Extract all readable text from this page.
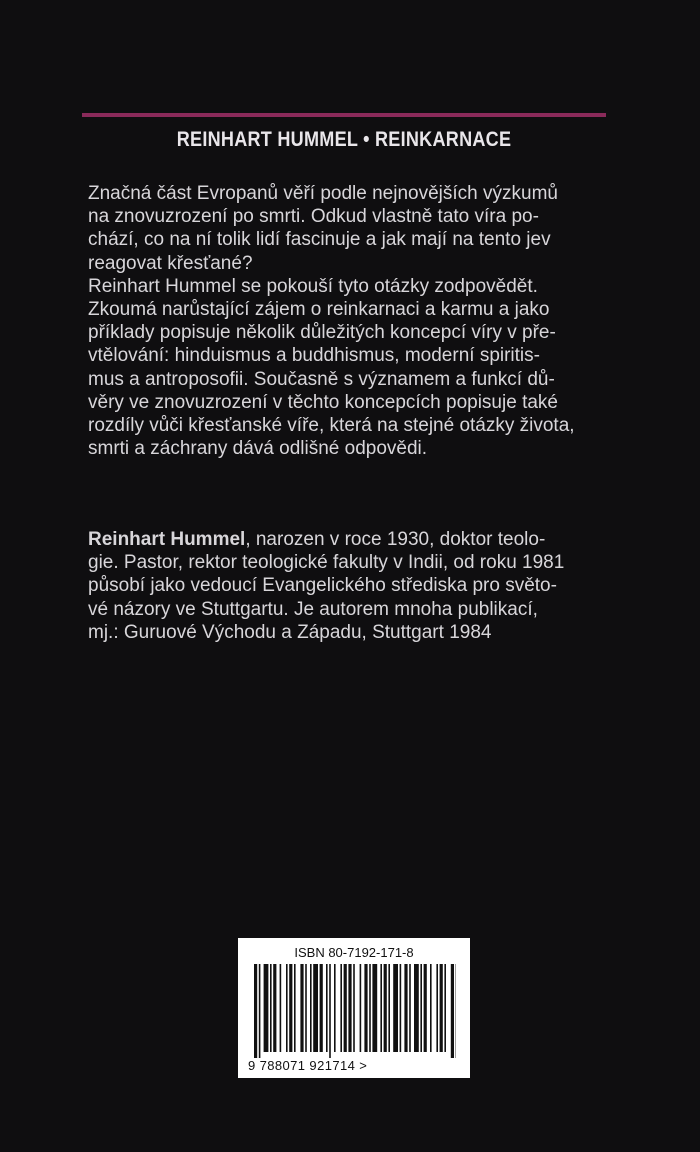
REINHART HUMMEL • REINKARNACE
Značná část Evropanů věří podle nejnovějších výzkumů
na znovuzrození po smrti. Odkud vlastně tato víra po-
chází, co na ní tolik lidí fascinuje a jak mají na tento jev
reagovat křesťané?
Reinhart Hummel se pokouší tyto otázky zodpovědět.
Zkoumá narůstající zájem o reinkarnaci a karmu a jako
příklady popisuje několik důležitých koncepcí víry v pře-
vtělování: hinduismus a buddhismus, moderní spiritis-
mus a antroposofii. Současně s významem a funkcí dů-
věry ve znovuzrození v těchto koncepcích popisuje také
rozdíly vůči křesťanské víře, která na stejné otázky života,
smrti a záchrany dává odlišné odpovědi.
Reinhart Hummel, narozen v roce 1930, doktor teolo-
gie. Pastor, rektor teologické fakulty v Indii, od roku 1981
působí jako vedoucí Evangelického střediska pro světo-
vé názory ve Stuttgartu. Je autorem mnoha publikací,
mj.: Guruové Východu a Západu, Stuttgart 1984
ISBN 80-7192-171-8
9 788071 921714 >
